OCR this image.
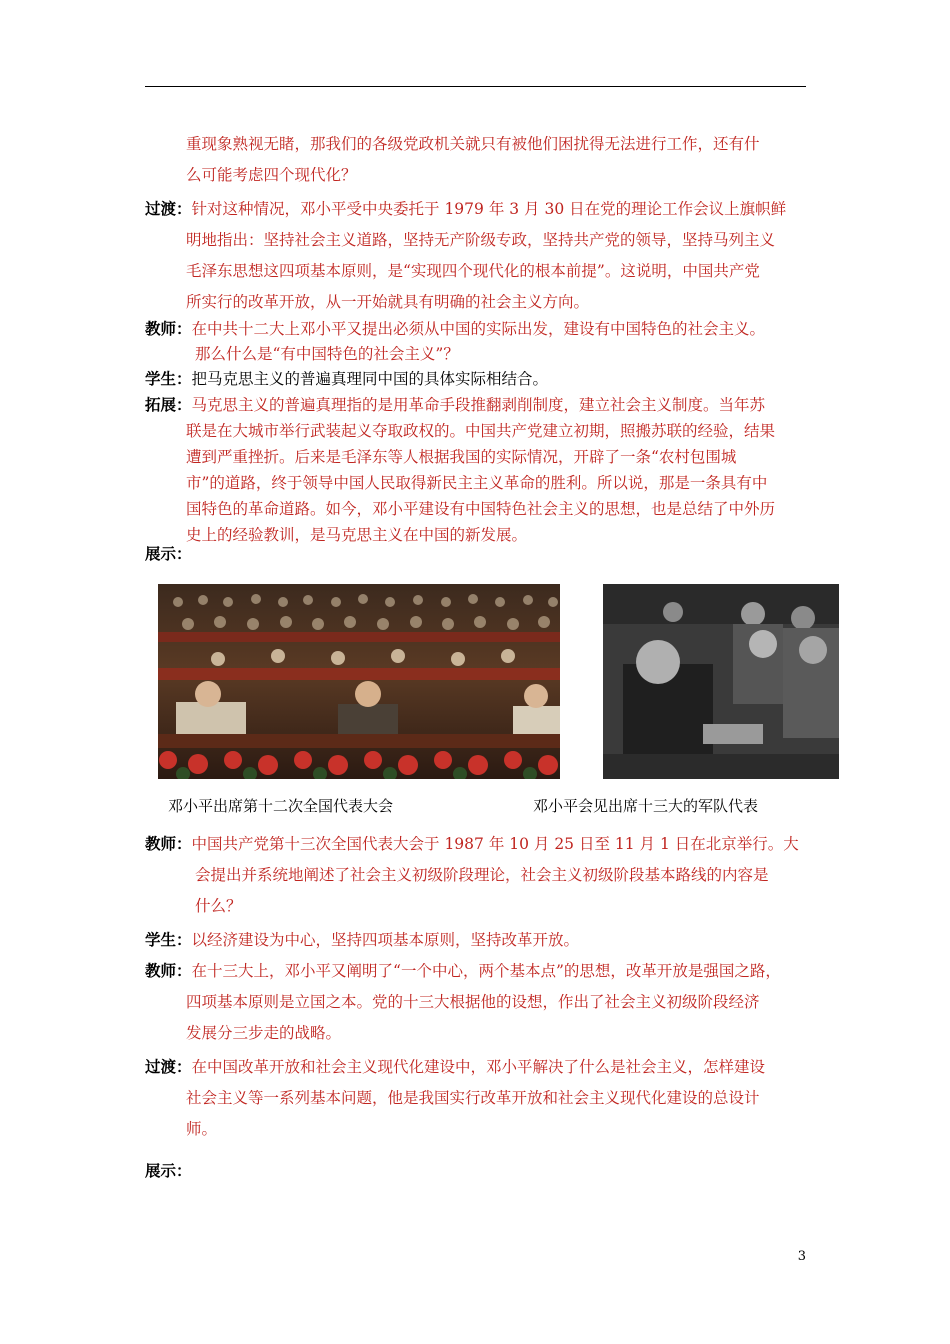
重现象熟视无睹，那我们的各级党政机关就只有被他们困扰得无法进行工作，还有什
么可能考虑四个现代化？
过渡：针对这种情况，邓小平受中央委托于 1979 年 3 月 30 日在党的理论工作会议上旗帜鲜
明地指出：坚持社会主义道路，坚持无产阶级专政，坚持共产党的领导，坚持马列主义
毛泽东思想这四项基本原则，是“实现四个现代化的根本前提”。这说明，中国共产党
所实行的改革开放，从一开始就具有明确的社会主义方向。
教师：在中共十二大上邓小平又提出必须从中国的实际出发，建设有中国特色的社会主义。
那么什么是“有中国特色的社会主义”？
学生：把马克思主义的普遍真理同中国的具体实际相结合。
拓展：马克思主义的普遍真理指的是用革命手段推翻剥削制度，建立社会主义制度。当年苏
联是在大城市举行武装起义夺取政权的。中国共产党建立初期，照搬苏联的经验，结果
遭到严重挫折。后来是毛泽东等人根据我国的实际情况，开辟了一条“农村包围城
市”的道路，终于领导中国人民取得新民主主义革命的胜利。所以说，那是一条具有中
国特色的革命道路。如今，邓小平建设有中国特色社会主义的思想，也是总结了中外历
史上的经验教训，是马克思主义在中国的新发展。
展示：
邓小平出席第十二次全国代表大会	邓小平会见出席十三大的军队代表
教师：中国共产党第十三次全国代表大会于 1987 年 10 月 25 日至 11 月 1 日在北京举行。大
会提出并系统地阐述了社会主义初级阶段理论，社会主义初级阶段基本路线的内容是
什么？
学生：以经济建设为中心，坚持四项基本原则，坚持改革开放。
教师：在十三大上，邓小平又阐明了“一个中心，两个基本点”的思想，改革开放是强国之路，
四项基本原则是立国之本。党的十三大根据他的设想，作出了社会主义初级阶段经济
发展分三步走的战略。
过渡：在中国改革开放和社会主义现代化建设中，邓小平解决了什么是社会主义，怎样建设
社会主义等一系列基本问题，他是我国实行改革开放和社会主义现代化建设的总设计
师。
展示：
3
